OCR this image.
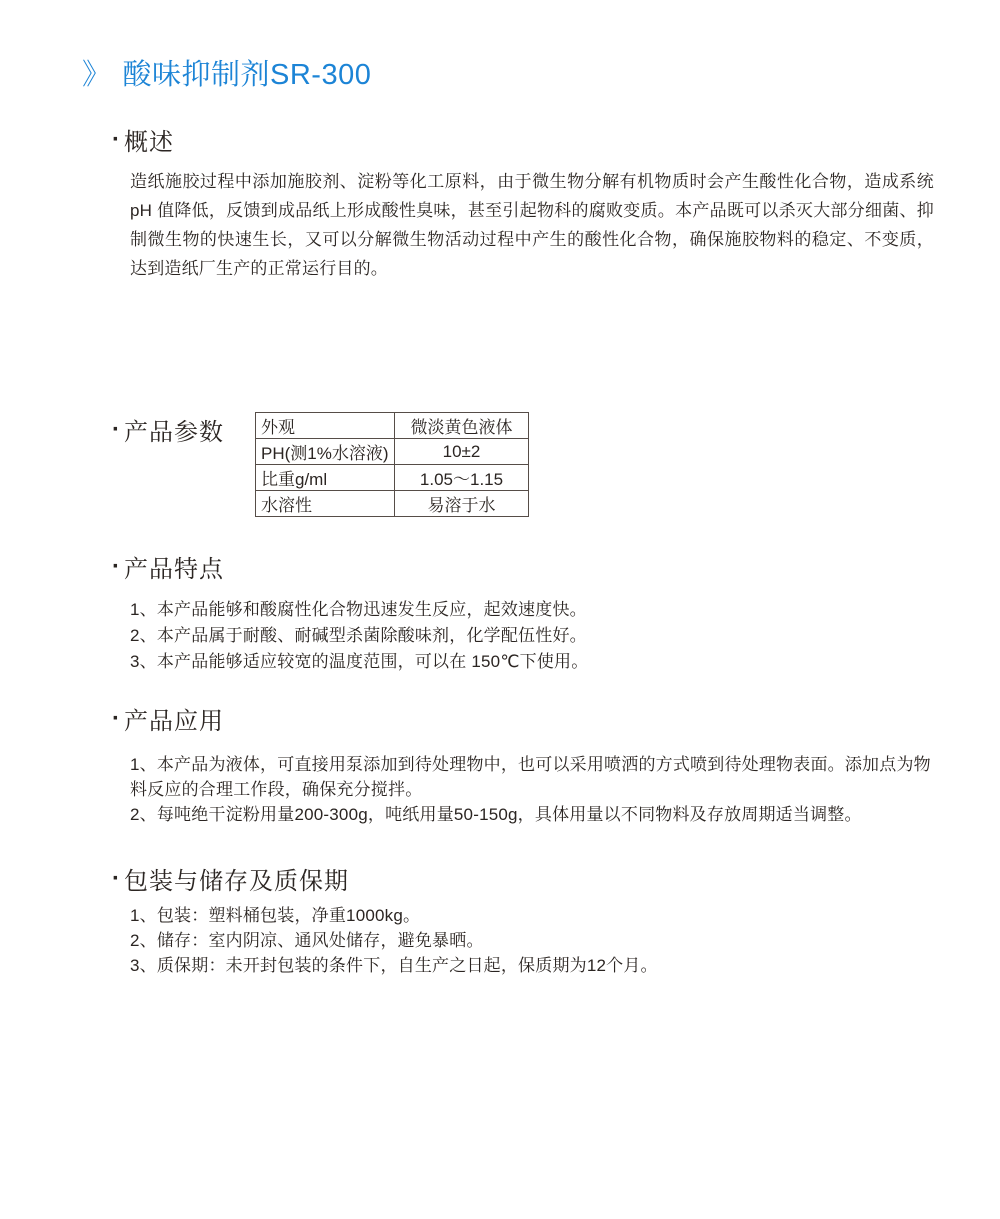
》 酸味抑制剂SR-300
· 概述

造纸施胶过程中添加施胶剂、淀粉等化工原料，由于微生物分解有机物质时会产生酸性化合物，造成系统pH 值降低，反馈到成品纸上形成酸性臭味，甚至引起物科的腐败变质。本产品既可以杀灭大部分细菌、抑制微生物的快速生长，又可以分解微生物活动过程中产生的酸性化合物，确保施胶物料的稳定、不变质，达到造纸厂生产的正常运行目的。

· 产品参数 外观	微淡黄色液体
PH(测1%水溶液)	10±2
比重g/ml	1.05～1.15
水溶性	易溶于水
· 产品特点

1、本产品能够和酸腐性化合物迅速发生反应，起效速度快。

2、本产品属于耐酸、耐碱型杀菌除酸味剂，化学配伍性好。

3、本产品能够适应较宽的温度范围，可以在 150℃下使用。

· 产品应用

1、本产品为液体，可直接用泵添加到待处理物中，也可以采用喷洒的方式喷到待处理物表面。添加点为物料反应的合理工作段，确保充分搅拌。

2、每吨绝干淀粉用量200-300g，吨纸用量50-150g，具体用量以不同物料及存放周期适当调整。

· 包装与储存及质保期

1、包装：塑料桶包装，净重1000kg。

2、储存：室内阴凉、通风处储存，避免暴晒。

3、质保期：未开封包装的条件下，自生产之日起，保质期为12个月。
